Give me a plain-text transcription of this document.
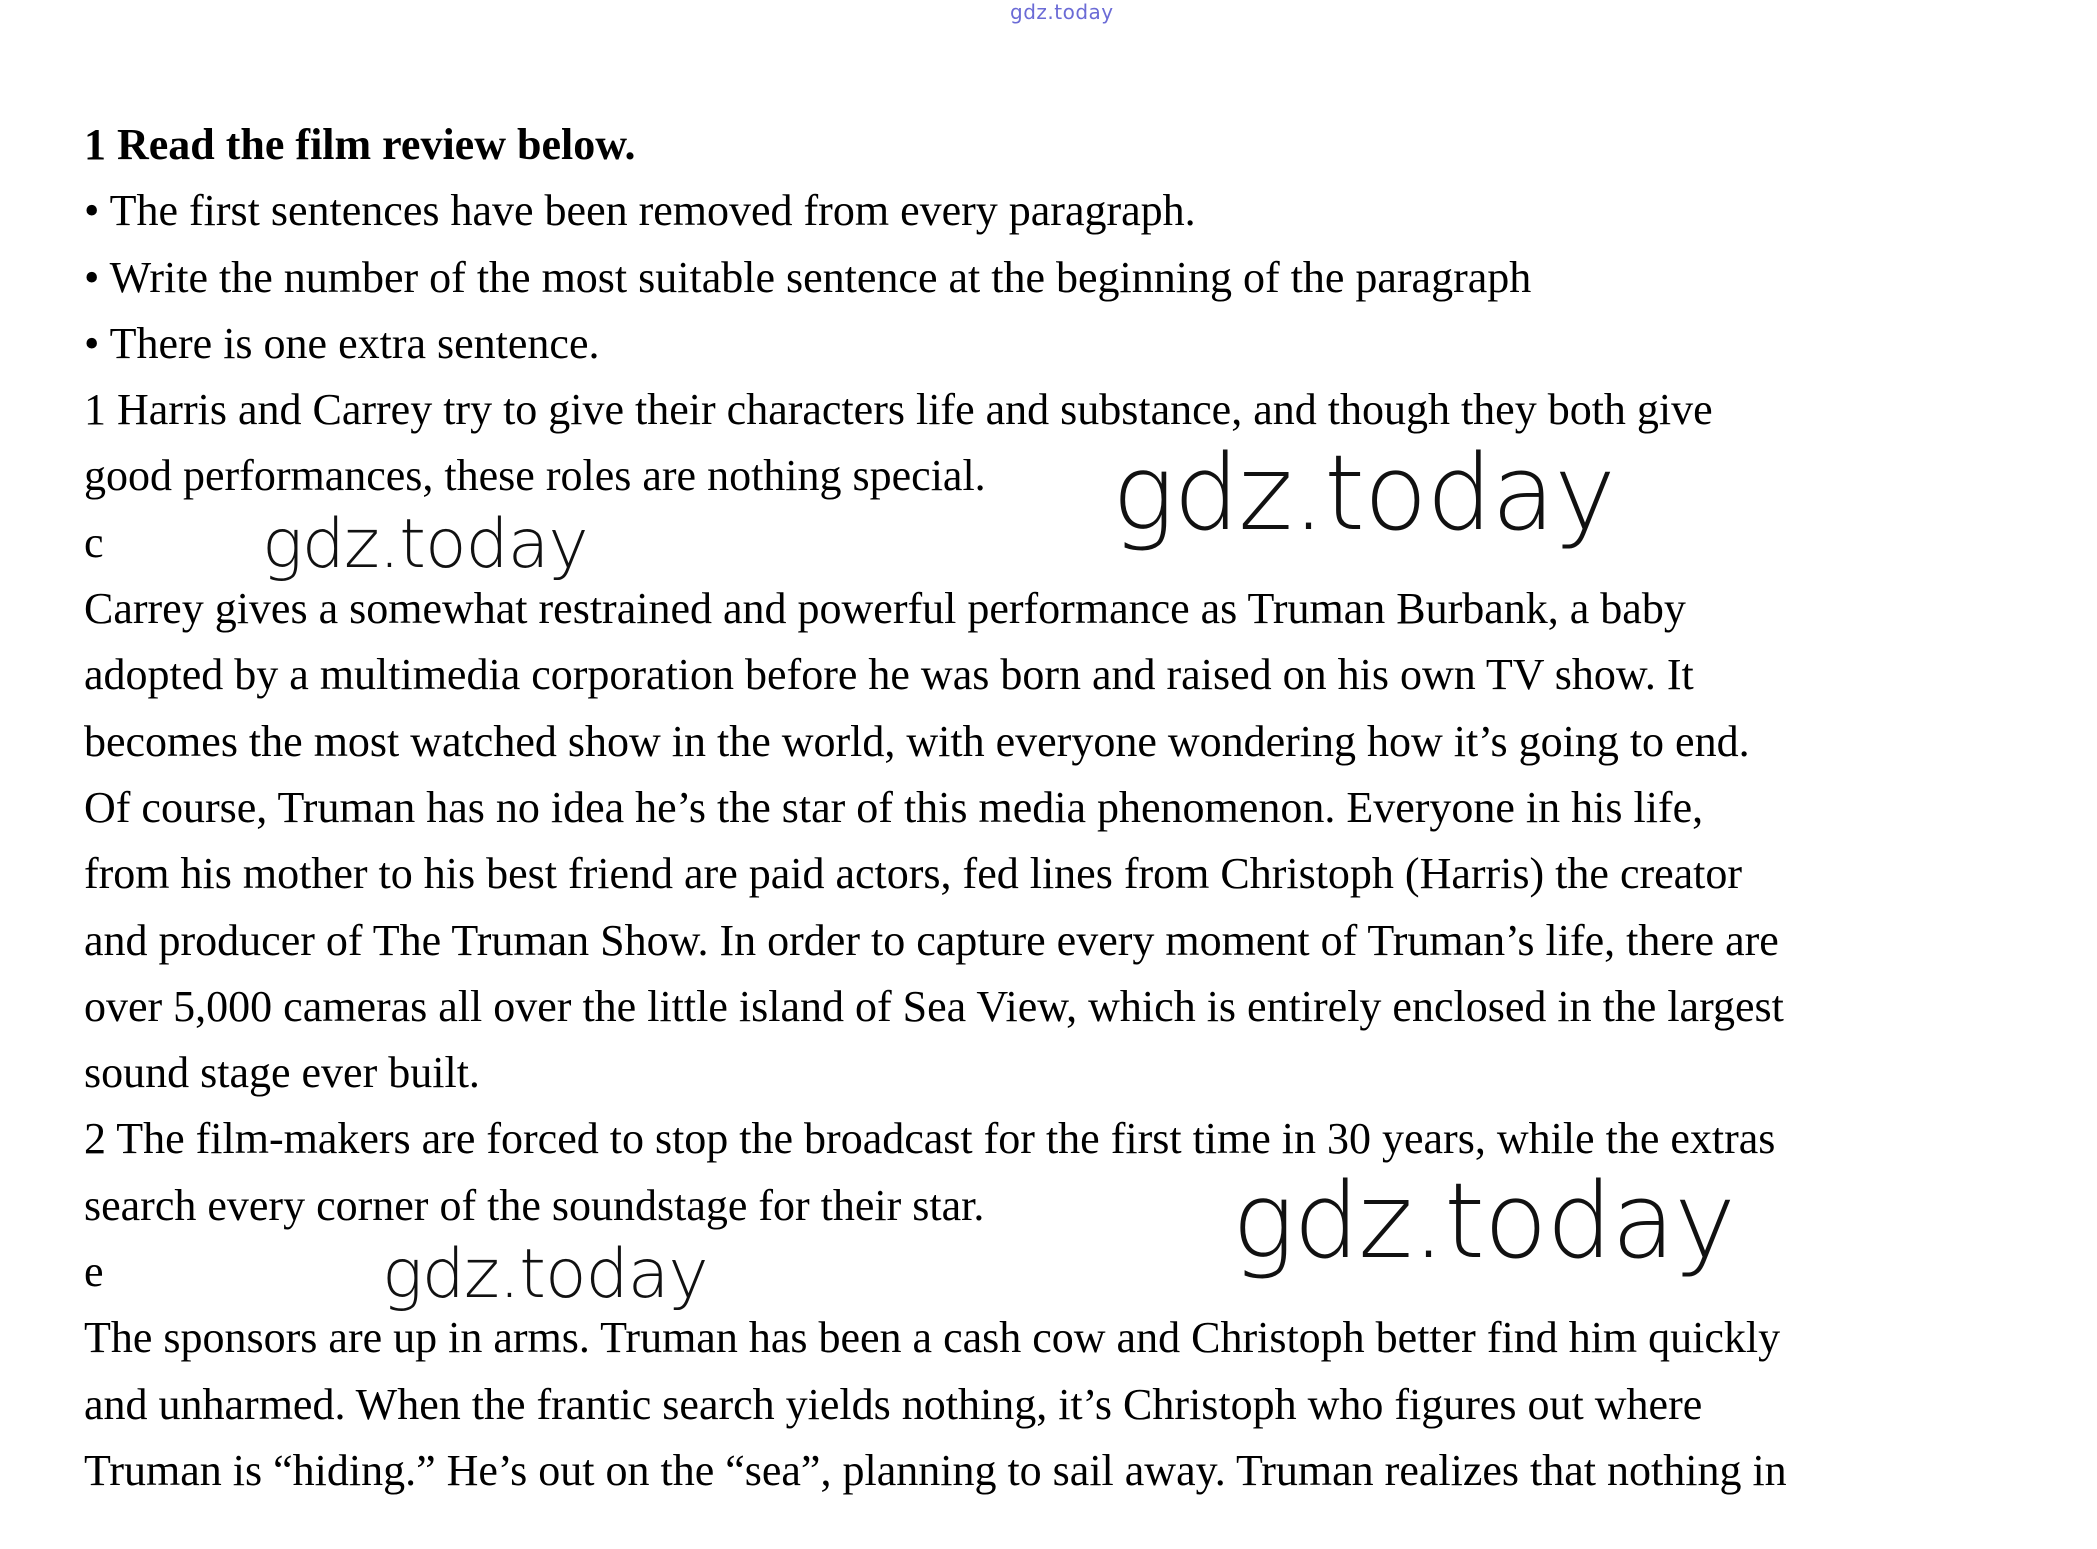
gdz.today
1 Read the film review below.
• The first sentences have been removed from every paragraph.
• Write the number of the most suitable sentence at the beginning of the paragraph
• There is one extra sentence.
1 Harris and Carrey try to give their characters life and substance, and though they both give
good performances, these roles are nothing special.
c
Carrey gives a somewhat restrained and powerful performance as Truman Burbank, a baby
adopted by a multimedia corporation before he was born and raised on his own TV show. It
becomes the most watched show in the world, with everyone wondering how it’s going to end.
Of course, Truman has no idea he’s the star of this media phenomenon. Everyone in his life,
from his mother to his best friend are paid actors, fed lines from Christoph (Harris) the creator
and producer of The Truman Show. In order to capture every moment of Truman’s life, there are
over 5,000 cameras all over the little island of Sea View, which is entirely enclosed in the largest
sound stage ever built.
2 The film-makers are forced to stop the broadcast for the first time in 30 years, while the extras
search every corner of the soundstage for their star.
e
The sponsors are up in arms. Truman has been a cash cow and Christoph better find him quickly
and unharmed. When the frantic search yields nothing, it’s Christoph who figures out where
Truman is “hiding.” He’s out on the “sea”, planning to sail away. Truman realizes that nothing in
gdz.today
gdz.today
gdz.today
gdz.today
